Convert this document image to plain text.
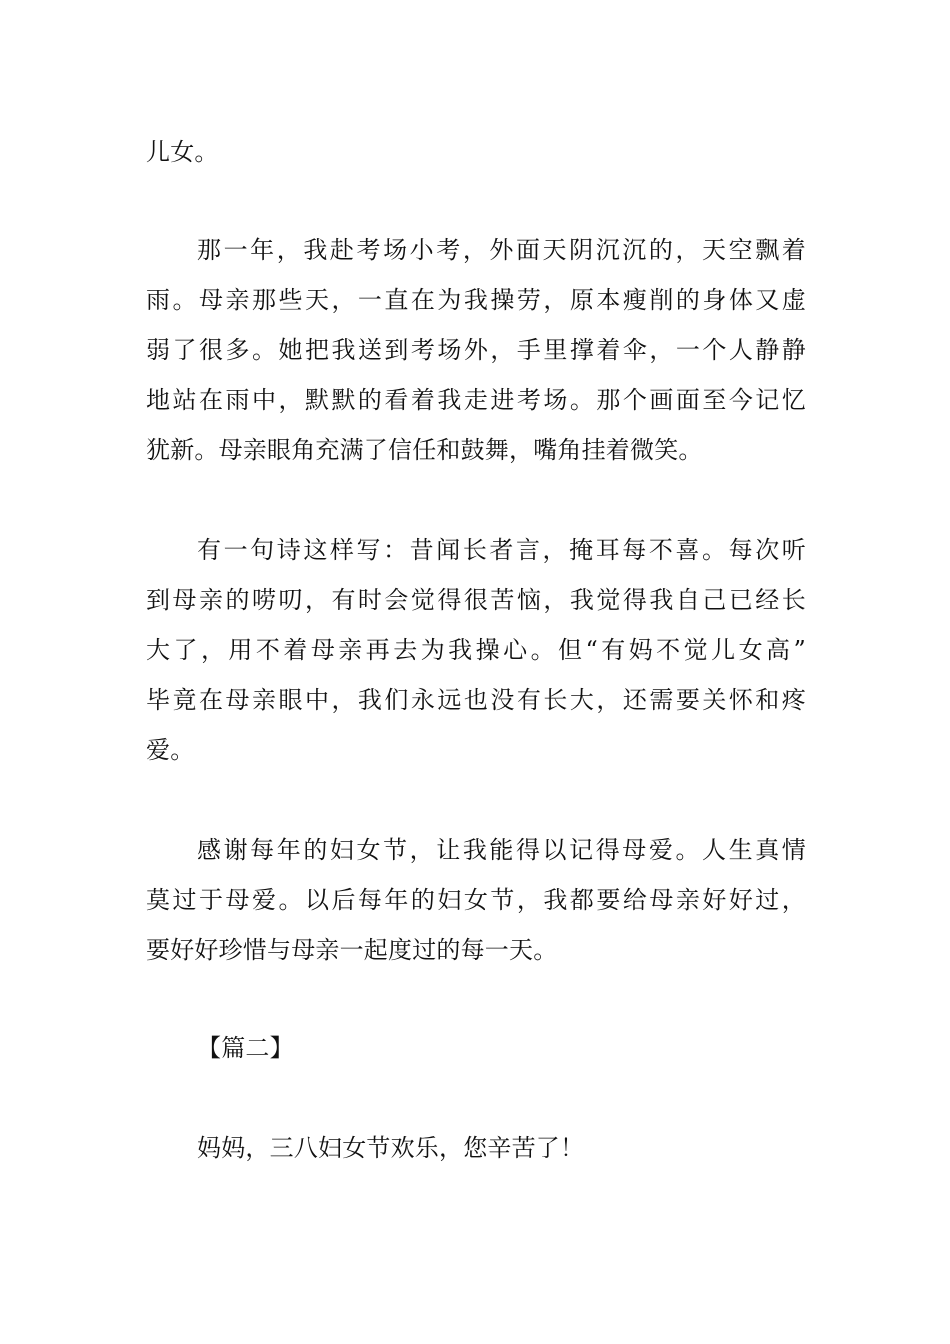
儿女。
那一年，我赴考场小考，外面天阴沉沉的，天空飘着
雨。母亲那些天，一直在为我操劳，原本瘦削的身体又虚
弱了很多。她把我送到考场外，手里撑着伞，一个人静静
地站在雨中，默默的看着我走进考场。那个画面至今记忆
犹新。母亲眼角充满了信任和鼓舞，嘴角挂着微笑。
有一句诗这样写：昔闻长者言，掩耳每不喜。每次听
到母亲的唠叨，有时会觉得很苦恼，我觉得我自己已经长
大了，用不着母亲再去为我操心。但“有妈不觉儿女高”
毕竟在母亲眼中，我们永远也没有长大，还需要关怀和疼
爱。
感谢每年的妇女节，让我能得以记得母爱。人生真情
莫过于母爱。以后每年的妇女节，我都要给母亲好好过，
要好好珍惜与母亲一起度过的每一天。
【篇二】
妈妈，三八妇女节欢乐，您辛苦了！
